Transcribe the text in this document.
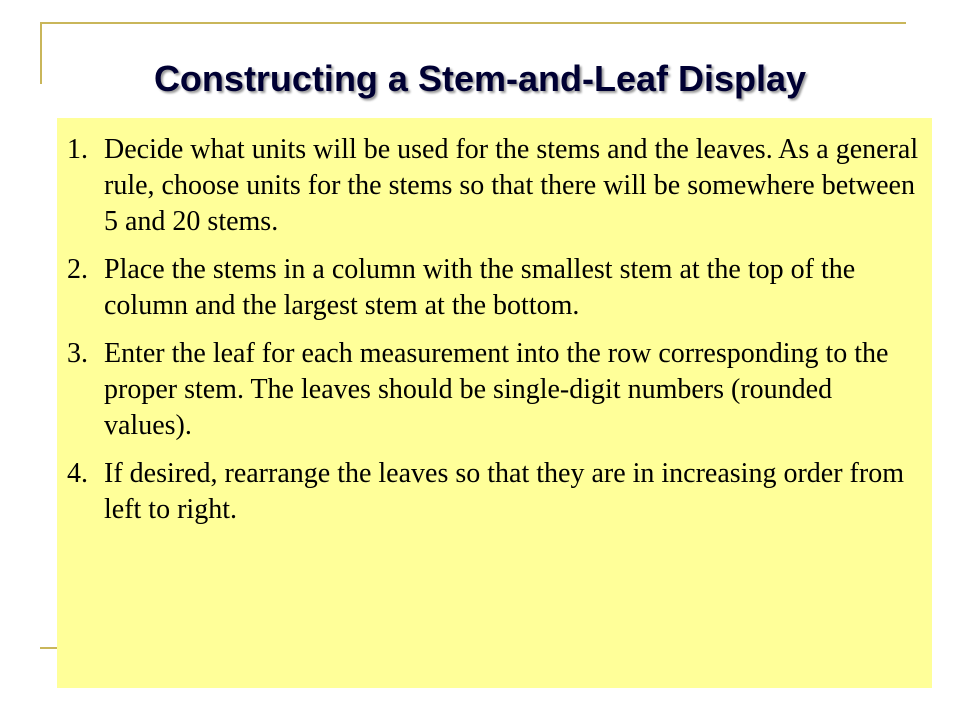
Constructing a Stem-and-Leaf Display
1. Decide what units will be used for the stems and the leaves. As a general rule, choose units for the stems so that there will be somewhere between 5 and 20 stems.
2. Place the stems in a column with the smallest stem at the top of the column and the largest stem at the bottom.
3. Enter the leaf for each measurement into the row corresponding to the proper stem. The leaves should be single-digit numbers (rounded values).
4. If desired, rearrange the leaves so that they are in increasing order from left to right.
